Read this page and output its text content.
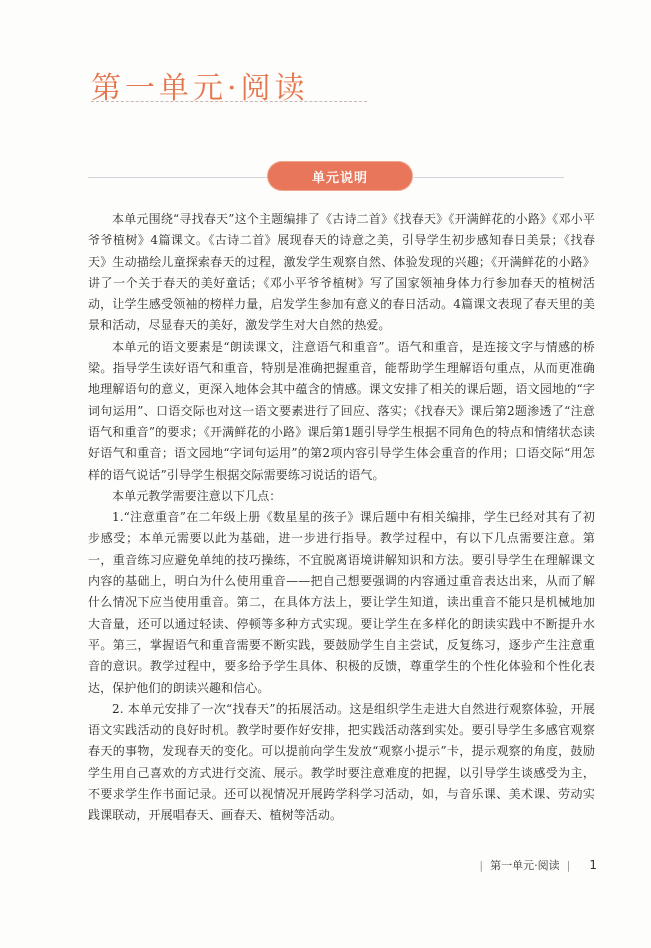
第一单元·阅读
单元说明

本单元围绕“寻找春天”这个主题编排了《古诗二首》《找春天》《开满鲜花的小路》《邓小平爷爷植树》4篇课文。《古诗二首》展现春天的诗意之美，引导学生初步感知春日美景；《找春天》生动描绘儿童探索春天的过程，激发学生观察自然、体验发现的兴趣；《开满鲜花的小路》讲了一个关于春天的美好童话；《邓小平爷爷植树》写了国家领袖身体力行参加春天的植树活动，让学生感受领袖的榜样力量，启发学生参加有意义的春日活动。4篇课文表现了春天里的美景和活动，尽显春天的美好，激发学生对大自然的热爱。

本单元的语文要素是“朗读课文，注意语气和重音”。语气和重音，是连接文字与情感的桥梁。指导学生读好语气和重音，特别是准确把握重音，能帮助学生理解语句重点，从而更准确地理解语句的意义，更深入地体会其中蕴含的情感。课文安排了相关的课后题，语文园地的“字词句运用”、口语交际也对这一语文要素进行了回应、落实；《找春天》课后第2题渗透了“注意语气和重音”的要求；《开满鲜花的小路》课后第1题引导学生根据不同角色的特点和情绪状态读好语气和重音；语文园地“字词句运用”的第2项内容引导学生体会重音的作用；口语交际“用怎样的语气说话”引导学生根据交际需要练习说话的语气。

本单元教学需要注意以下几点：

1.“注意重音”在二年级上册《数星星的孩子》课后题中有相关编排，学生已经对其有了初步感受；本单元需要以此为基础，进一步进行指导。教学过程中，有以下几点需要注意。第一，重音练习应避免单纯的技巧操练，不宜脱离语境讲解知识和方法。要引导学生在理解课文内容的基础上，明白为什么使用重音——把自己想要强调的内容通过重音表达出来，从而了解什么情况下应当使用重音。第二，在具体方法上，要让学生知道，读出重音不能只是机械地加大音量，还可以通过轻读、停顿等多种方式实现。要让学生在多样化的朗读实践中不断提升水平。第三，掌握语气和重音需要不断实践，要鼓励学生自主尝试，反复练习，逐步产生注意重音的意识。教学过程中，要多给予学生具体、积极的反馈，尊重学生的个性化体验和个性化表达，保护他们的朗读兴趣和信心。

2. 本单元安排了一次“找春天”的拓展活动。这是组织学生走进大自然进行观察体验，开展语文实践活动的良好时机。教学时要作好安排，把实践活动落到实处。要引导学生多感官观察春天的事物，发现春天的变化。可以提前向学生发放“观察小提示”卡，提示观察的角度，鼓励学生用自己喜欢的方式进行交流、展示。教学时要注意难度的把握，以引导学生谈感受为主，不要求学生作书面记录。还可以视情况开展跨学科学习活动，如，与音乐课、美术课、劳动实践课联动，开展唱春天、画春天、植树等活动。

| 第一单元·阅读 | 1
